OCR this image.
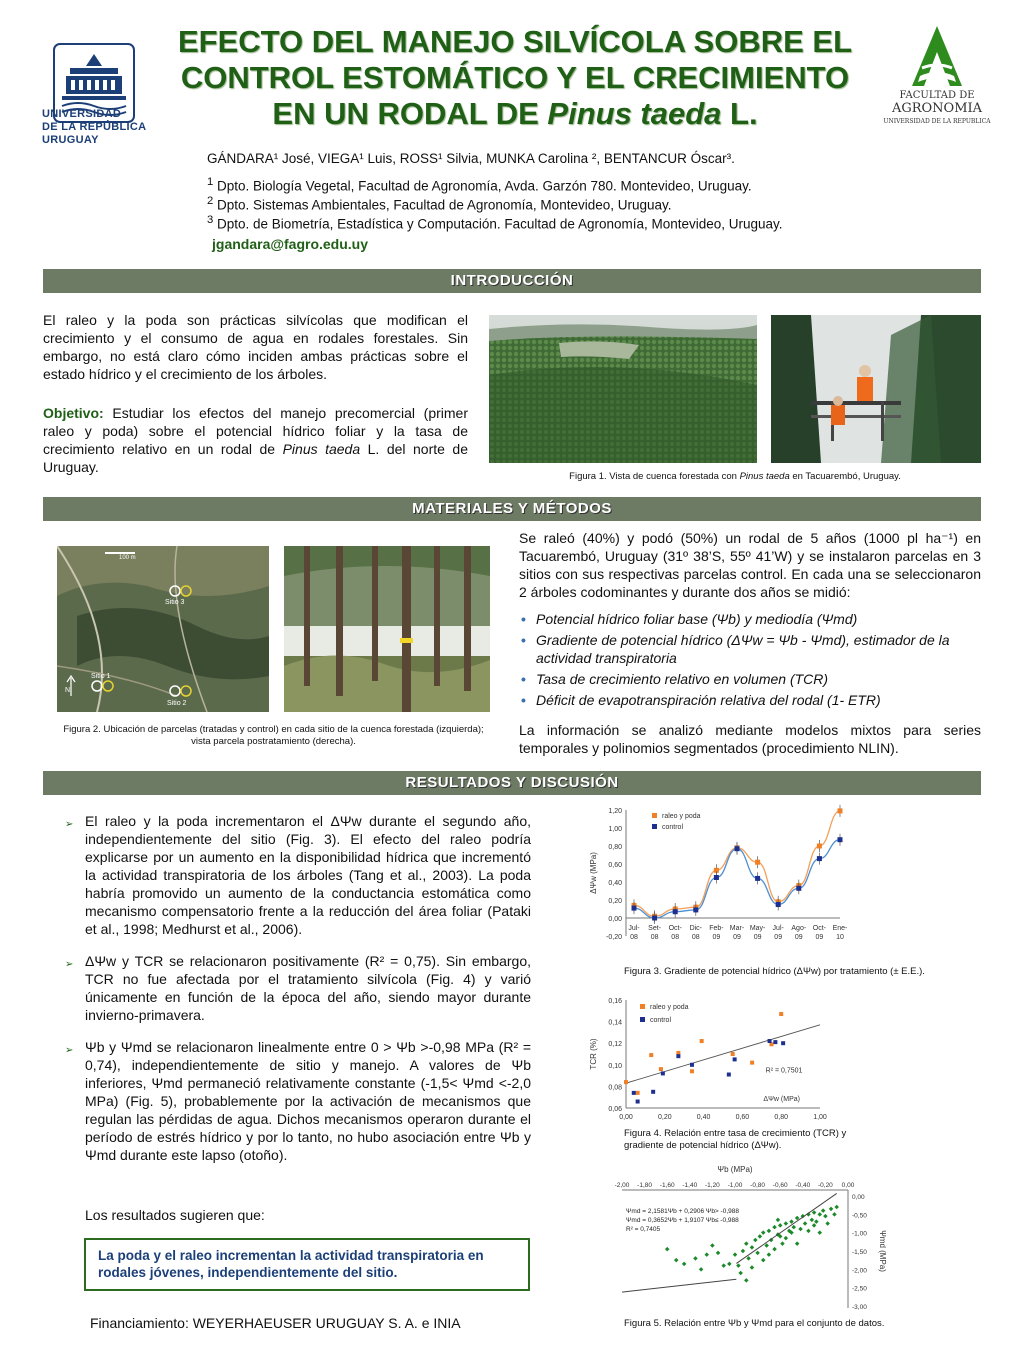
UNIVERSIDAD
DE LA REPÚBLICA
URUGUAY
EFECTO DEL MANEJO SILVÍCOLA SOBRE EL
CONTROL ESTOMÁTICO Y EL CRECIMIENTO
EN UN RODAL DE Pinus taeda L.
FACULTAD DE
AGRONOMIA
UNIVERSIDAD DE LA REPUBLICA
GÁNDARA¹ José, VIEGA¹ Luis, ROSS¹ Silvia, MUNKA Carolina ², BENTANCUR Óscar³.
$^1$ Dpto. Biología Vegetal, Facultad de Agronomía, Avda. Garzón 780. Montevideo, Uruguay.
$^2$ Dpto. Sistemas Ambientales, Facultad de Agronomía, Montevideo, Uruguay.
$^3$ Dpto. de Biometría, Estadística y Computación. Facultad de Agronomía, Montevideo, Uruguay.
jgandara@fagro.edu.uy
INTRODUCCIÓN
El raleo y la poda son prácticas silvícolas que modifican el crecimiento y el consumo de agua en rodales forestales. Sin embargo, no está claro cómo inciden ambas prácticas sobre el estado hídrico y el crecimiento de los árboles.
Objetivo: Estudiar los efectos del manejo precomercial (primer raleo y poda) sobre el potencial hídrico foliar y la tasa de crecimiento relativo en un rodal de Pinus taeda L. del norte de Uruguay.
Figura 1. Vista de cuenca forestada con Pinus taeda en Tacuarembó, Uruguay.
MATERIALES Y MÉTODOS
100 m
Sitio 3
Sitio 1
Sitio 2
N
Figura 2. Ubicación de parcelas (tratadas y control) en cada sitio de la cuenca forestada (izquierda); vista parcela postratamiento (derecha).
Se raleó (40%) y podó (50%) un rodal de 5 años (1000 pl ha⁻¹) en Tacuarembó, Uruguay (31º 38’S, 55º 41’W) y se instalaron parcelas en 3 sitios con sus respectivas parcelas control. En cada una se seleccionaron 2 árboles codominantes y durante dos años se midió:
• Potencial hídrico foliar base (Ψb) y mediodía (Ψmd)
• Gradiente de potencial hídrico (ΔΨw = Ψb - Ψmd), estimador de la actividad transpiratoria
• Tasa de crecimiento relativo en volumen (TCR)
• Déficit de evapotranspiración relativa del rodal (1- ETR)
La información se analizó mediante modelos mixtos para series temporales y polinomios segmentados (procedimiento NLIN).
RESULTADOS Y DISCUSIÓN
➢ El raleo y la poda incrementaron el ΔΨw durante el segundo año, independientemente del sitio (Fig. 3). El efecto del raleo podría explicarse por un aumento en la disponibilidad hídrica que incrementó la actividad transpiratoria de los árboles (Tang et al., 2003). La poda habría promovido un aumento de la conductancia estomática como mecanismo compensatorio frente a la reducción del área foliar (Pataki et al., 1998; Medhurst et al., 2006).
➢ ΔΨw y TCR se relacionaron positivamente (R² = 0,75). Sin embargo, TCR no fue afectada por el tratamiento silvícola (Fig. 4) y varió únicamente en función de la época del año, siendo mayor durante invierno-primavera.
➢ Ψb y Ψmd se relacionaron linealmente entre 0 > Ψb >-0,98 MPa (R² = 0,74), independientemente de sitio y manejo. A valores de Ψb inferiores, Ψmd permaneció relativamente constante (-1,5< Ψmd <-2,0 MPa) (Fig. 5), probablemente por la activación de mecanismos que regulan las pérdidas de agua. Dichos mecanismos operaron durante el período de estrés hídrico y por lo tanto, no hubo asociación entre Ψb y Ψmd durante este lapso (otoño).
Los resultados sugieren que:
La poda y el raleo incrementan la actividad transpiratoria en rodales jóvenes, independientemente del sitio.
Financiamiento: WEYERHAEUSER URUGUAY S. A. e INIA
1,20
1,00
0,80
0,60
0,40
0,20
0,00
-0,20
Jul-
08
Set-
08
Oct-
08
Dic-
08
Feb-
09
Mar-
09
May-
09
Jul-
09
Ago-
09
Oct-
09
Ene-
10
ΔΨw (MPa)
raleo y poda
control
Figura 3. Gradiente de potencial hídrico (ΔΨw) por tratamiento (± E.E.).
0,16
0,14
0,12
0,10
0,08
0,06
0,00	0,20	0,40	0,60	0,80	1,00
TCR (%)
ΔΨw (MPa)
R² = 0,7501
raleo y poda
control
Figura 4. Relación entre tasa de crecimiento (TCR) y
gradiente de potencial hídrico (ΔΨw).
Ψb (MPa)
-2,00 -1,80 -1,60 -1,40 -1,20 -1,00 -0,80 -0,60 -0,40 -0,20 0,00
0,00
-0,50
-1,00
-1,50
-2,00
-2,50
-3,00
Ψmd (MPa)
Ψmd = 2,1581Ψb + 0,2906 Ψb> -0,988
Ψmd = 0,3652Ψb + 1,9107 Ψb≤ -0,988
R² = 0,7405
Figura 5. Relación entre Ψb y Ψmd para el conjunto de datos.
